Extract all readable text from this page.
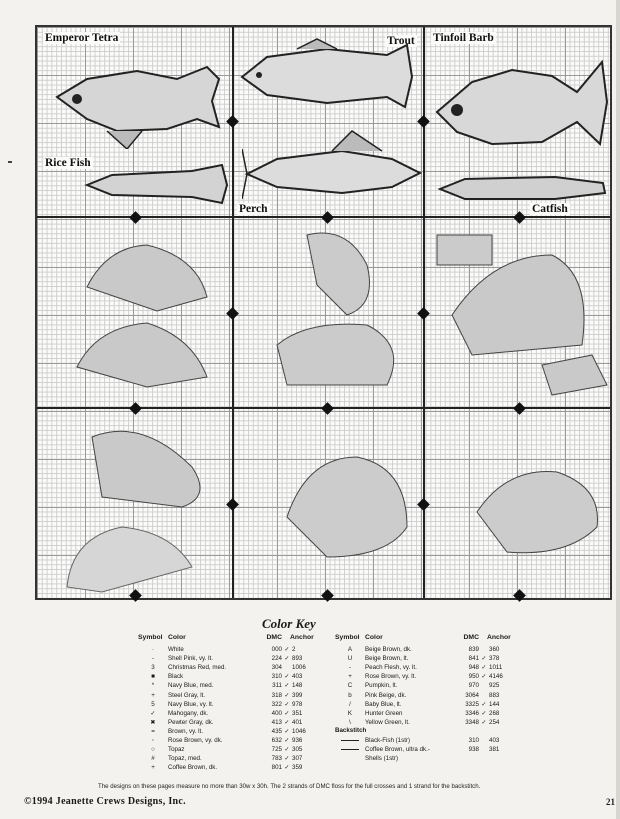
Emperor Tetra	Trout Tinfoil Barb
Rice Fish
Perch	Catfish
Color Key
Symbol Color	DMC Anchor
·	White	000 ✓ 2
-	Shell Pink, vy. lt.	224 ✓ 893
3	Christmas Red, med.	304 1006
■	Black	310 ✓ 403
*	Navy Blue, med.	311 ✓ 148
+	Steel Gray, lt.	318 ✓ 399
5	Navy Blue, vy. lt.	322 ✓ 978
✓	Mahogany, dk.	400 ✓ 351
✖	Pewter Gray, dk.	413 ✓ 401
=	Brown, vy. lt.	435 ✓ 1046
◦	Rose Brown, vy. dk.	632 ✓ 936
○	Topaz	725 ✓ 305
#	Topaz, med.	783 ✓ 307
+	Coffee Brown, dk.	801 ✓ 359
Symbol Color	DMC Anchor
A	Beige Brown, dk.	839 360
U	Beige Brown, lt.	841 ✓ 378
-	Peach Flesh, vy. lt.	948 ✓ 1011
+	Rose Brown, vy. lt.	950 ✓ 4146
C	Pumpkin, lt.	970 925
b	Pink Beige, dk.	3064 883
/	Baby Blue, lt.	3325 ✓ 144
K	Hunter Green	3346 ✓ 268
\	Yellow Green, lt.	3348 ✓ 254
Backstitch
Black-Fish (1str)	310 403
Coffee Brown, ultra dk.-	938 381
Shells (1str)
The designs on these pages measure no more than 30w x 30h. The 2 strands of DMC floss for the full crosses and 1 strand for the backstitch.
©1994 Jeanette Crews Designs, Inc.	21
